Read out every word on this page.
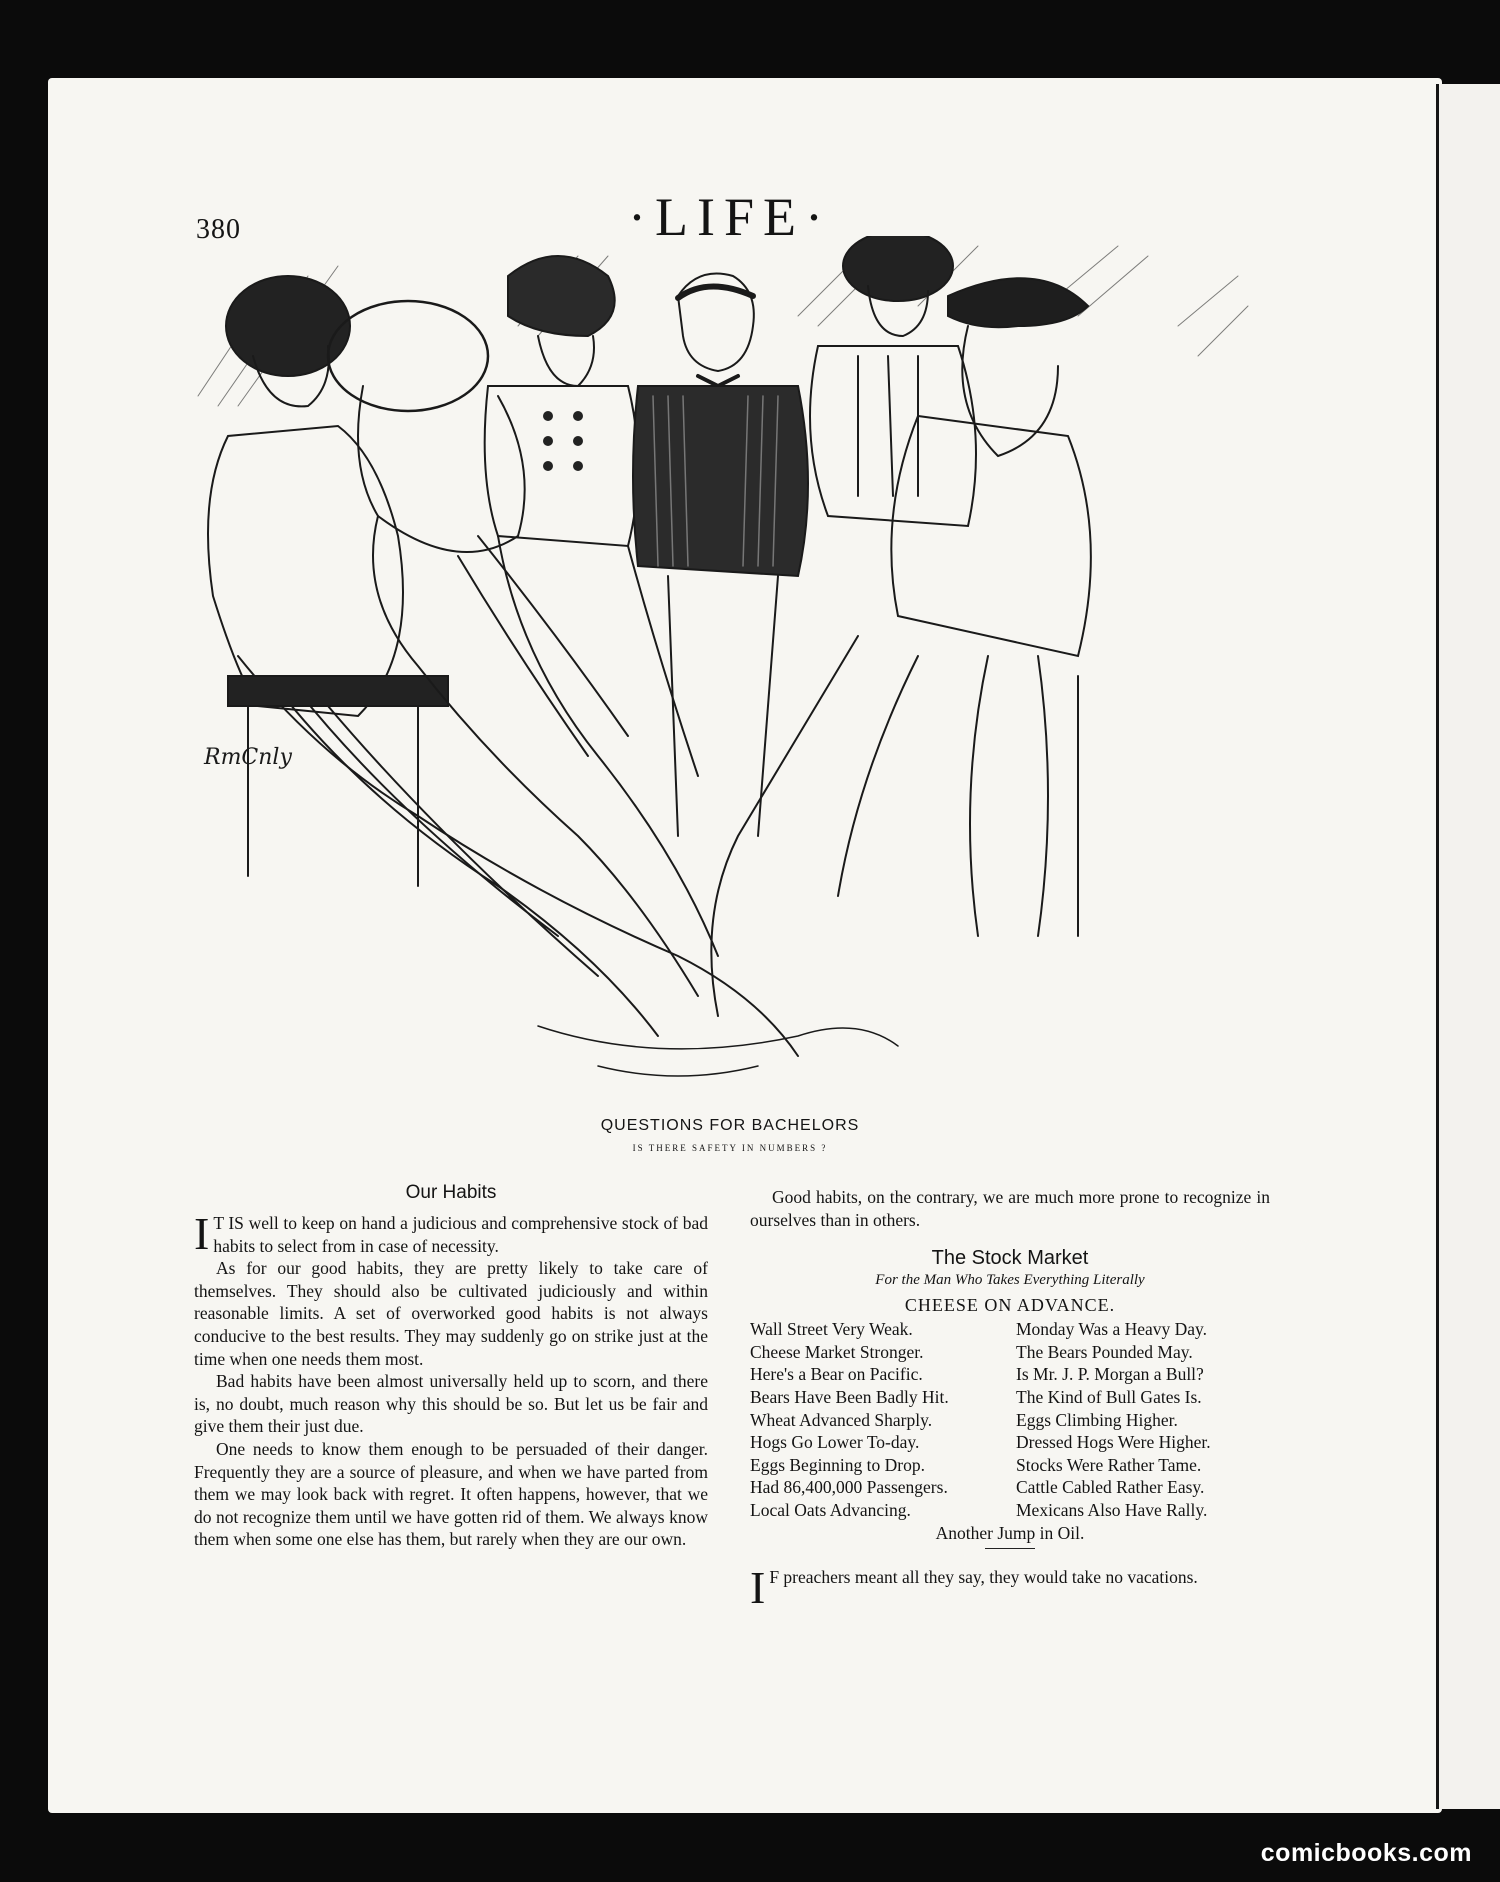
380	·LIFE·
RmCnly
QUESTIONS FOR BACHELORS
IS THERE SAFETY IN NUMBERS ?
Our Habits

I T IS well to keep on hand a judicious and comprehensive stock of bad habits to select from in case of necessity.

As for our good habits, they are pretty likely to take care of themselves. They should also be cultivated judiciously and within reasonable limits. A set of overworked good habits is not always conducive to the best results. They may suddenly go on strike just at the time when one needs them most.

Bad habits have been almost universally held up to scorn, and there is, no doubt, much reason why this should be so. But let us be fair and give them their just due.

One needs to know them enough to be persuaded of their danger. Frequently they are a source of pleasure, and when we have parted from them we may look back with regret. It often happens, however, that we do not recognize them until we have gotten rid of them. We always know them when some one else has them, but rarely when they are our own.

Good habits, on the contrary, we are much more prone to recognize in ourselves than in others.

The Stock Market
For the Man Who Takes Everything Literally
CHEESE ON ADVANCE.
Wall Street Very Weak.	Monday Was a Heavy Day.
Cheese Market Stronger.	The Bears Pounded May.
Here's a Bear on Pacific.	Is Mr. J. P. Morgan a Bull?
Bears Have Been Badly Hit.	The Kind of Bull Gates Is.
Wheat Advanced Sharply.	Eggs Climbing Higher.
Hogs Go Lower To-day.	Dressed Hogs Were Higher.
Eggs Beginning to Drop.	Stocks Were Rather Tame.
Had 86,400,000 Passengers.	Cattle Cabled Rather Easy.
Local Oats Advancing.	Mexicans Also Have Rally.
Another Jump in Oil.

I F preachers meant all they say, they would take no vacations.

comicbooks.com
